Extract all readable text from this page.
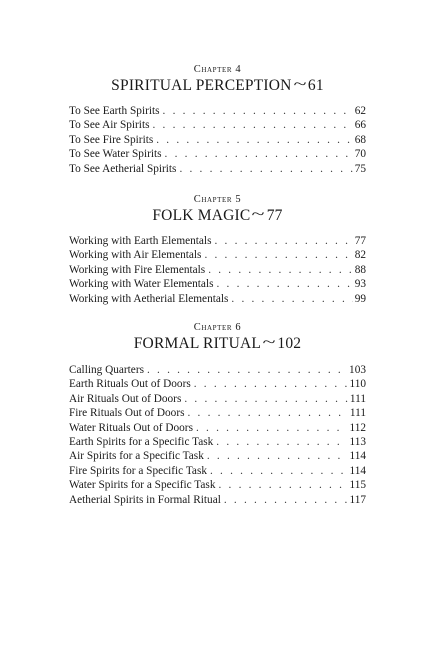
Chapter 4
SPIRITUAL PERCEPTION ~61
To See Earth Spirits . . .	62
To See Air Spirits . . .	66
To See Fire Spirits . . .	68
To See Water Spirits . . .	70
To See Aetherial Spirits . . .	75
Chapter 5
FOLK MAGIC ~77
Working with Earth Elementals . . .	77
Working with Air Elementals . . .	82
Working with Fire Elementals . . .	88
Working with Water Elementals . . .	93
Working with Aetherial Elementals . . .	99
Chapter 6
FORMAL RITUAL ~102
Calling Quarters . . .	103
Earth Rituals Out of Doors . . .	110
Air Rituals Out of Doors . . .	111
Fire Rituals Out of Doors . . .	111
Water Rituals Out of Doors . . .	112
Earth Spirits for a Specific Task . . .	113
Air Spirits for a Specific Task . . .	114
Fire Spirits for a Specific Task . . .	114
Water Spirits for a Specific Task . . .	115
Aetherial Spirits in Formal Ritual . . .	117
